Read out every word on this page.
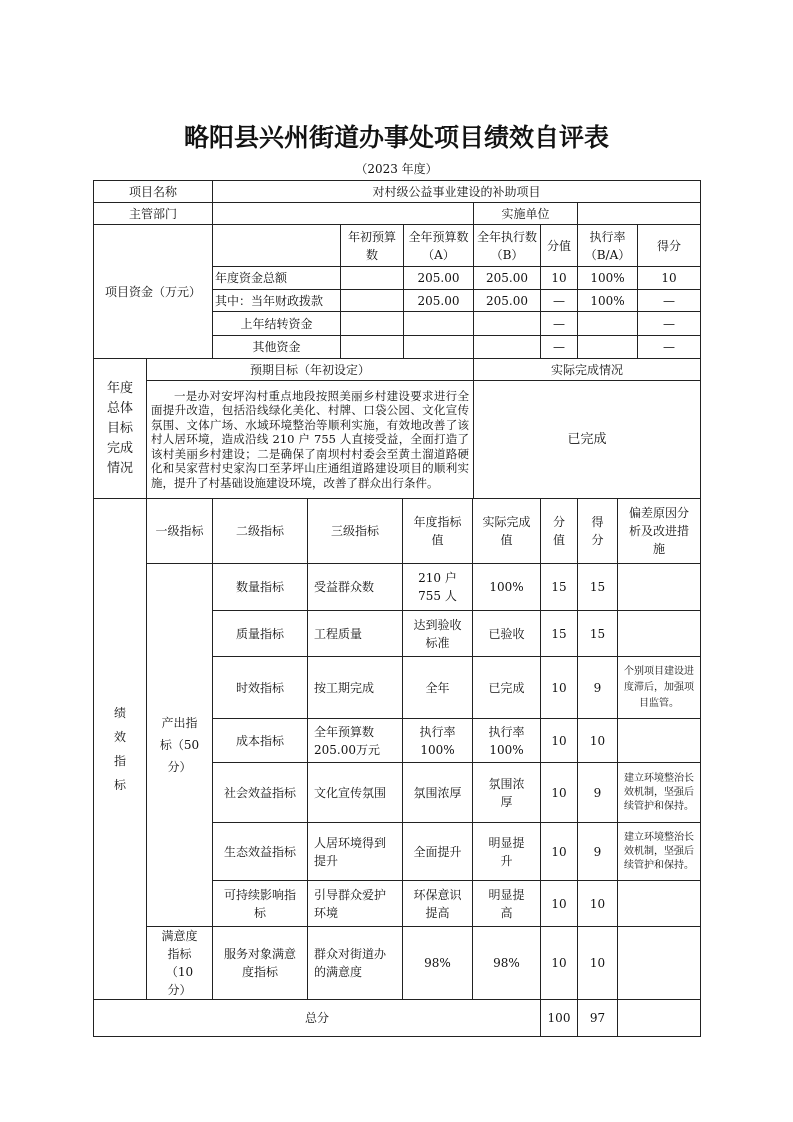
略阳县兴州街道办事处项目绩效自评表
（2023 年度）
项目名称	对村级公益事业建设的补助项目						
主管部门				实施单位			
项目资金（万元）		年初预算数	全年预算数（A）	全年执行数（B）	分值	执行率（B/A）	得分
	年度资金总额		205.00	205.00	10	100%	10
	其中：当年财政拨款		205.00	205.00	—	100%	—
	上年结转资金				—		—
	其他资金				—		—
年度总体目标完成情况	预期目标（年初设定）	实际完成情况
	一是办对安坪沟村重点地段按照美丽乡村建设要求进行全面提升改造，包括沿线绿化美化、村牌、口袋公园、文化宣传氛围、文体广场、水域环境整治等顺利实施，有效地改善了该村人居环境，造成沿线 210 户 755 人直接受益，全面打造了该村美丽乡村建设；二是确保了南坝村村委会至黄土溜道路硬化和吴家营村史家沟口至茅坪山庄通组道路建设项目的顺利实施，提升了村基础设施建设环境，改善了群众出行条件。	已完成
绩效指标	一级指标	二级指标	三级指标	年度指标值	实际完成值	分值	得分	偏差原因分析及改进措施
	产出指标（50分）	数量指标	受益群众数	210 户 755 人	100%	15	15	
		质量指标	工程质量	达到验收标准	已验收	15	15	
		时效指标	按工期完成	全年	已完成	10	9	个别项目建设进度滞后，加强项目监管。
		成本指标	全年预算数205.00万元	执行率100%	执行率100%	10	10	
		社会效益指标	文化宣传氛围	氛围浓厚	氛围浓厚	10	9	建立环境整治长效机制，坚强后续管护和保持。
		生态效益指标	人居环境得到提升	全面提升	明显提升	10	9	建立环境整治长效机制，坚强后续管护和保持。
		可持续影响指标	引导群众爱护环境	环保意识提高	明显提高	10	10	
	满意度指标（10分）	服务对象满意度指标	群众对街道办的满意度	98%	98%	10	10	
总分						100	97	
